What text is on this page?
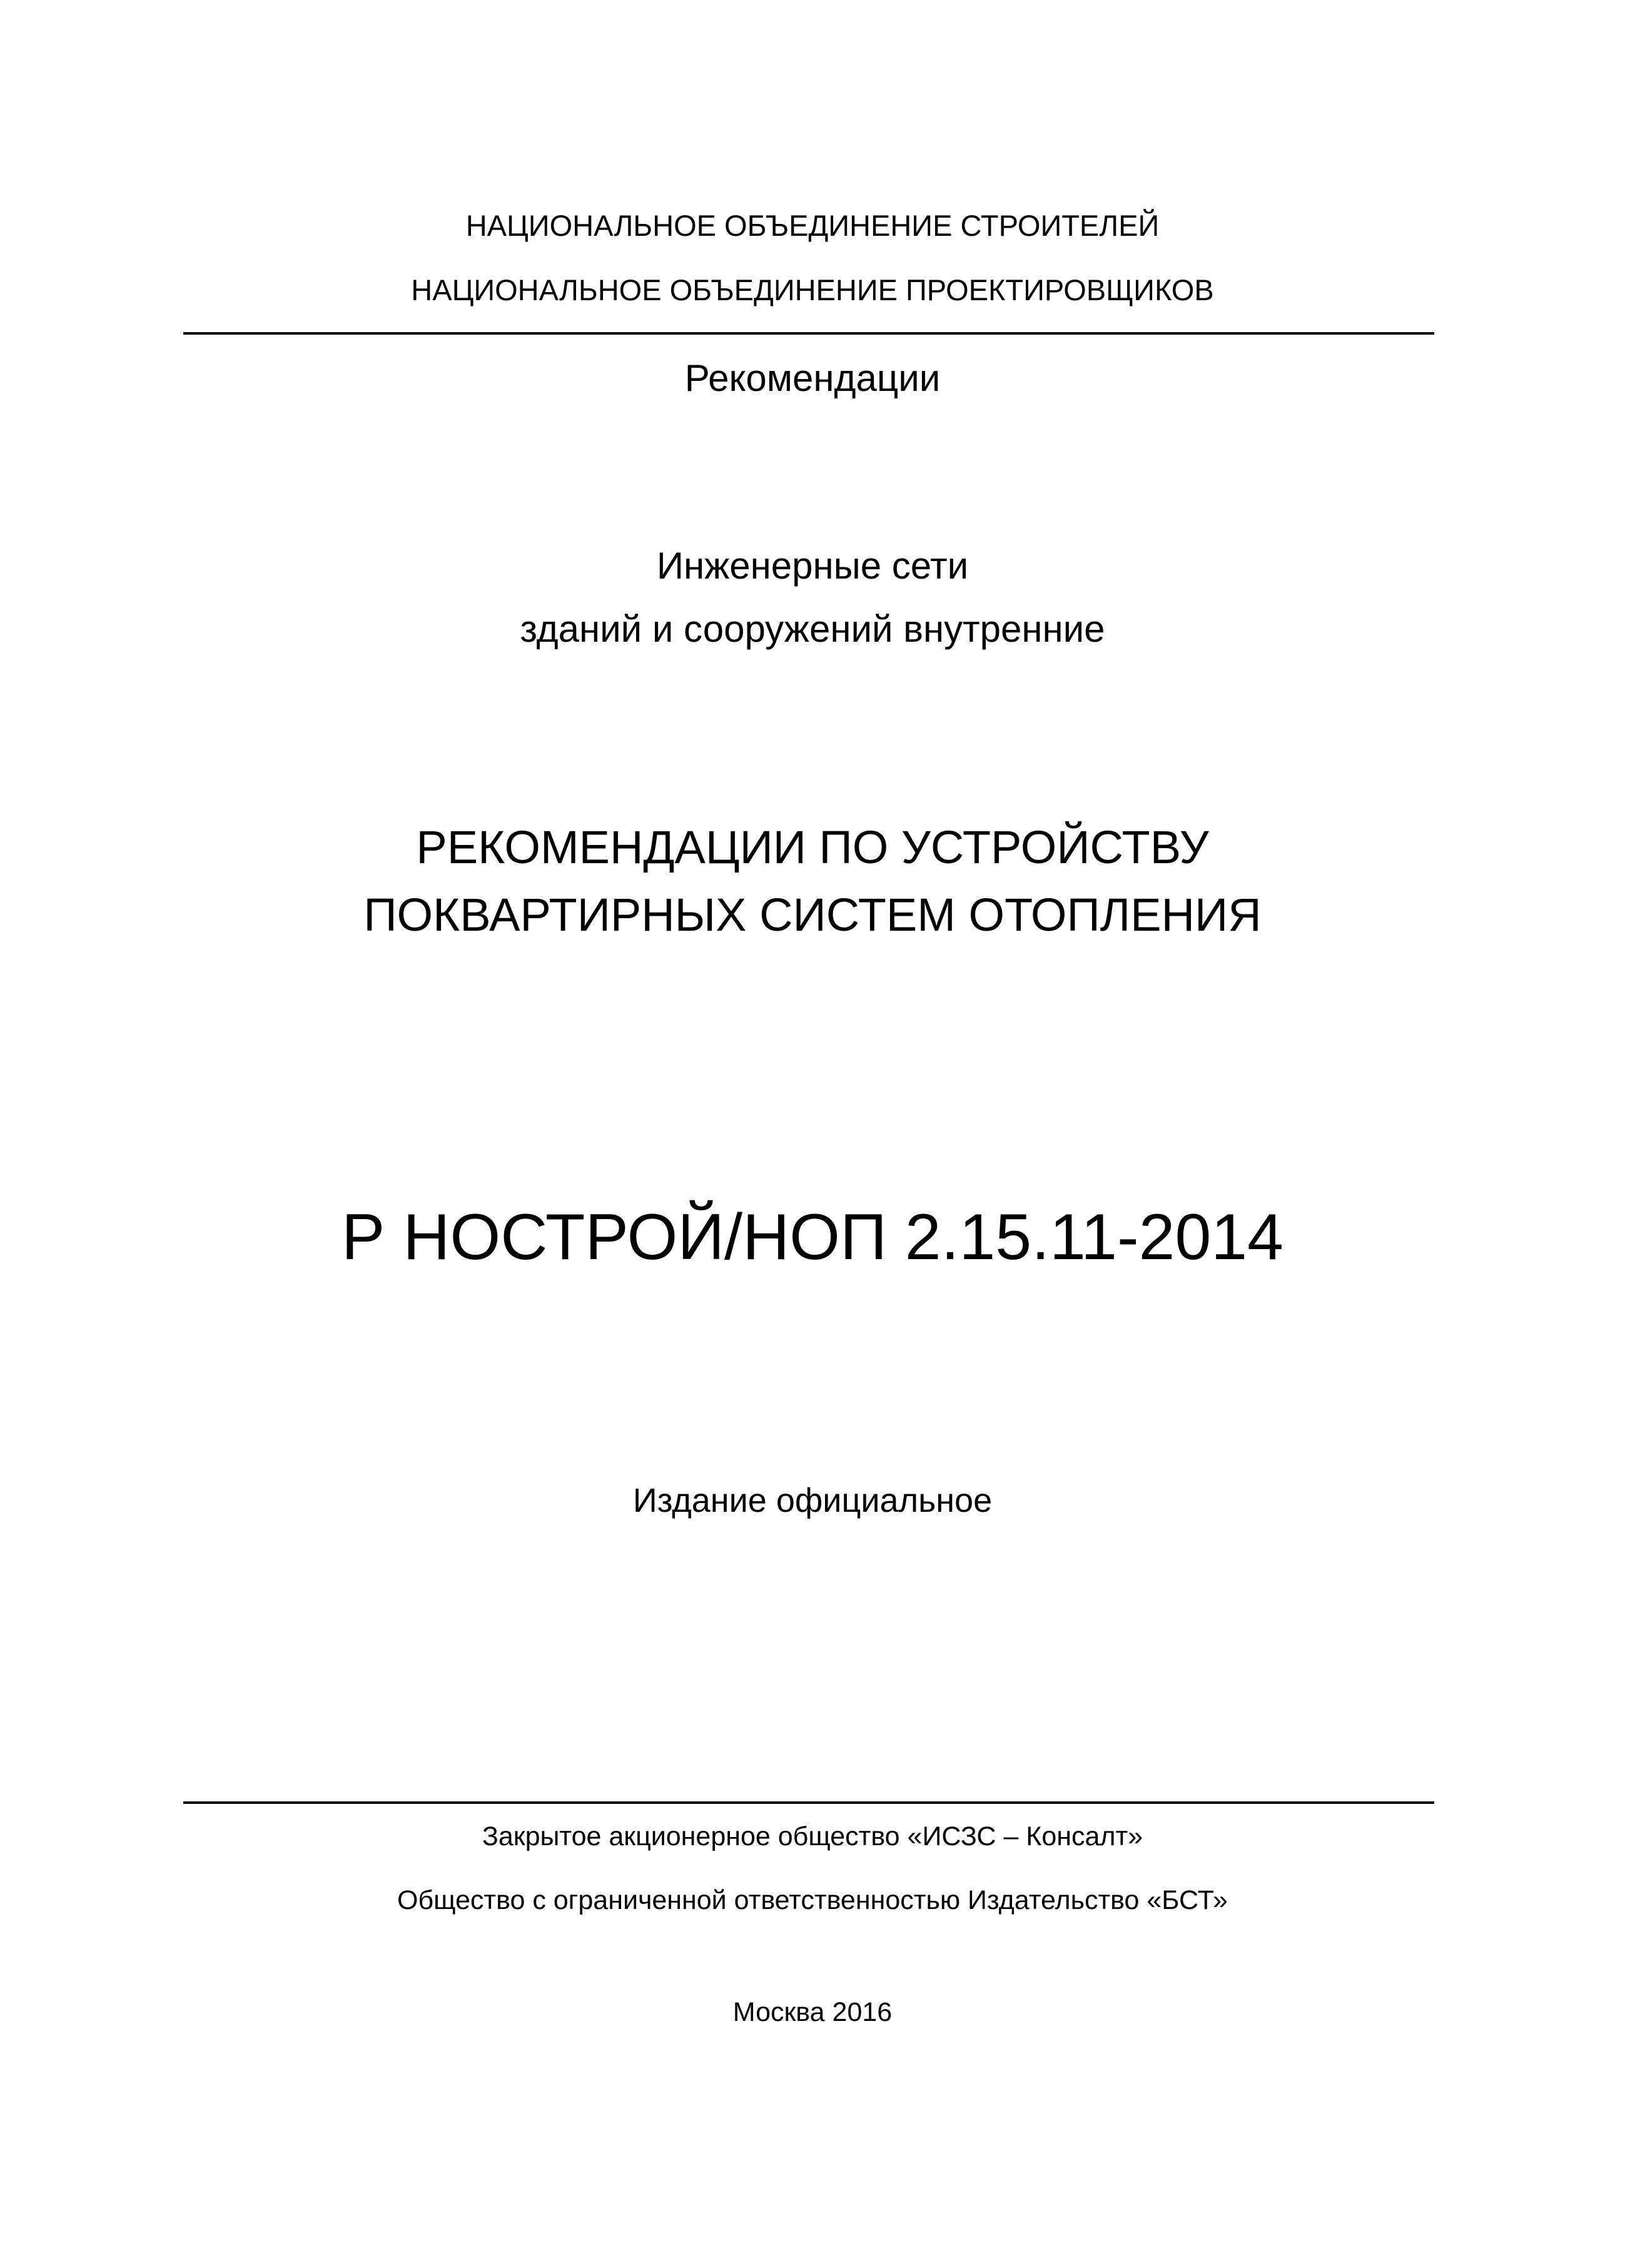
НАЦИОНАЛЬНОЕ ОБЪЕДИНЕНИЕ СТРОИТЕЛЕЙ
НАЦИОНАЛЬНОЕ ОБЪЕДИНЕНИЕ ПРОЕКТИРОВЩИКОВ
Рекомендации
Инженерные сети
зданий и сооружений внутренние
РЕКОМЕНДАЦИИ ПО УСТРОЙСТВУ
ПОКВАРТИРНЫХ СИСТЕМ ОТОПЛЕНИЯ
Р НОСТРОЙ/НОП 2.15.11-2014
Издание официальное
Закрытое акционерное общество «ИСЗС – Консалт»
Общество с ограниченной ответственностью Издательство «БСТ»
Москва 2016
